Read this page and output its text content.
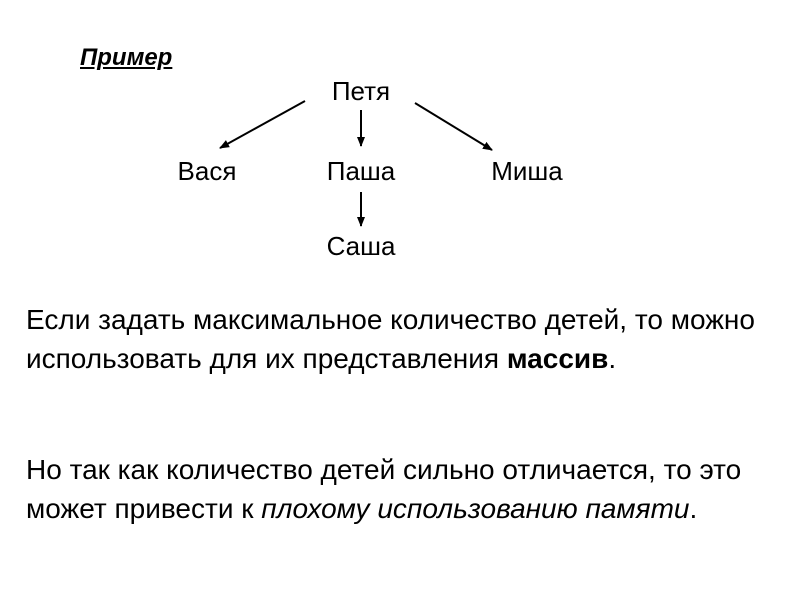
Пример
Петя
Вася	Паша	Миша
Саша

Если задать максимальное количество детей, то можно использовать для их представления массив.

Но так как количество детей сильно отличается, то это может привести к плохому использованию памяти.
